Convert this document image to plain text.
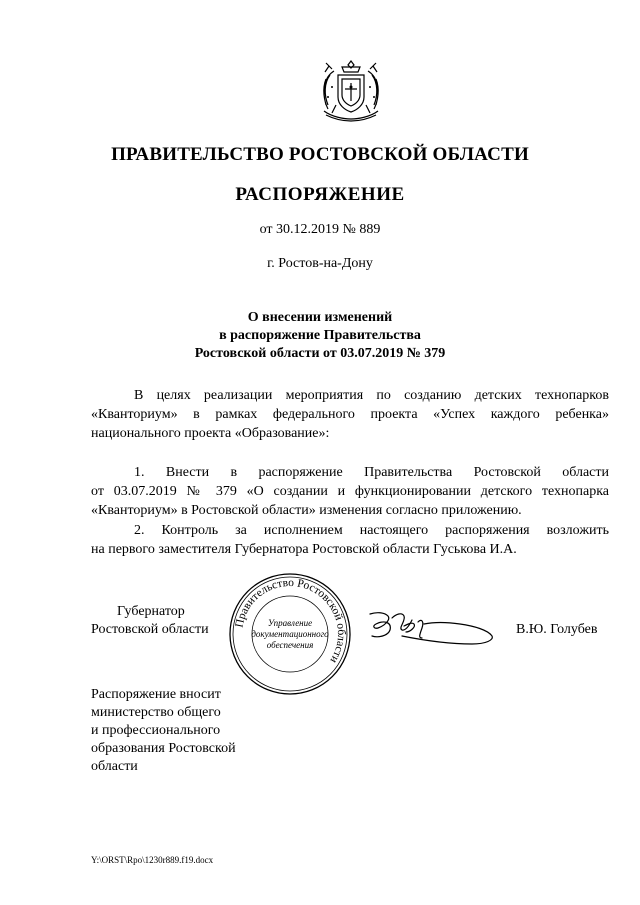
ПРАВИТЕЛЬСТВО РОСТОВСКОЙ ОБЛАСТИ
РАСПОРЯЖЕНИЕ
от 30.12.2019 № 889
г. Ростов-на-Дону
О внесении изменений
в распоряжение Правительства
Ростовской области от 03.07.2019 № 379
В целях реализации мероприятия по созданию детских технопарков
«Кванториум» в рамках федерального проекта «Успех каждого ребенка»
национального проекта «Образование»:
1. Внести в распоряжение Правительства Ростовской области
от 03.07.2019 № 379 «О создании и функционировании детского технопарка
«Кванториум» в Ростовской области» изменения согласно приложению.
2. Контроль за исполнением настоящего распоряжения возложить
на первого заместителя Губернатора Ростовской области Гуськова И.А.
Губернатор
Ростовской области	Правительство Ростовской области
Управление
документационного
обеспечения
В.Ю. Голубев
Распоряжение вносит
министерство общего
и профессионального
образования Ростовской
области
Y:\ORST\Rpo\1230r889.f19.docx
